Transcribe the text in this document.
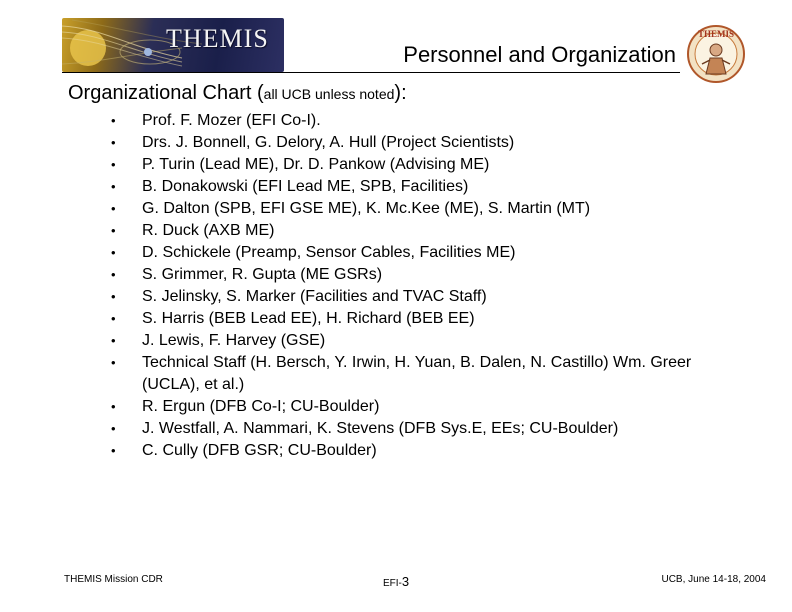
THEMIS
Personnel and Organization
THEMIS
Organizational Chart (all UCB unless noted):
• Prof. F. Mozer (EFI Co-I).
• Drs. J. Bonnell, G. Delory, A. Hull (Project Scientists)
• P. Turin (Lead ME), Dr. D. Pankow (Advising ME)
• B. Donakowski (EFI Lead ME, SPB, Facilities)
• G. Dalton (SPB, EFI GSE ME), K. Mc.Kee (ME), S. Martin (MT)
• R. Duck (AXB ME)
• D. Schickele (Preamp, Sensor Cables, Facilities ME)
• S. Grimmer, R. Gupta (ME GSRs)
• S. Jelinsky, S. Marker (Facilities and TVAC Staff)
• S. Harris (BEB Lead EE), H. Richard (BEB EE)
• J. Lewis, F. Harvey (GSE)
• Technical Staff (H. Bersch, Y. Irwin, H. Yuan, B. Dalen, N. Castillo) Wm. Greer (UCLA), et al.)
• R. Ergun (DFB Co-I; CU-Boulder)
• J. Westfall, A. Nammari, K. Stevens (DFB Sys.E, EEs; CU-Boulder)
• C. Cully (DFB GSR; CU-Boulder)
THEMIS Mission CDR	EFI-3	UCB, June 14-18, 2004
